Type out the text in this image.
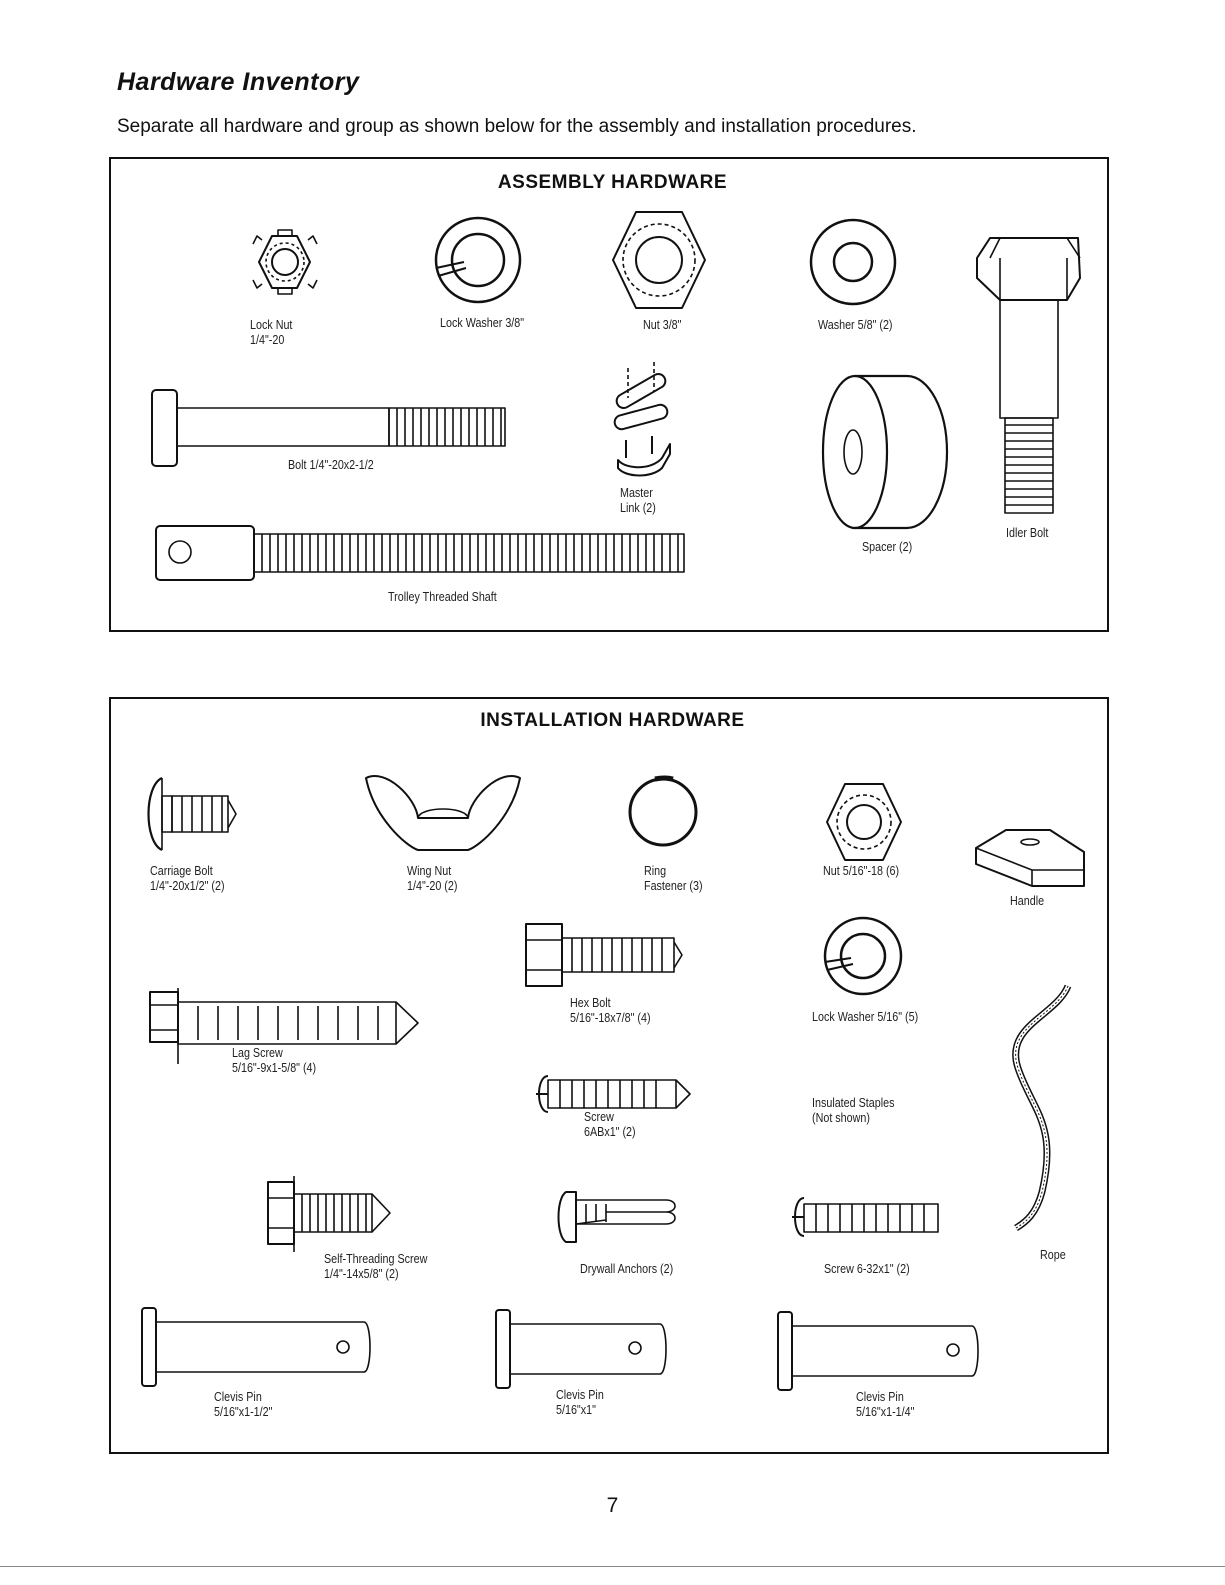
Hardware Inventory

Separate all hardware and group as shown below for the assembly and installation procedures.

ASSEMBLY HARDWARE
INSTALLATION HARDWARE
Lock Nut
1/4"-20
Lock Washer 3/8"	Nut 3/8"	Washer 5/8" (2)
Bolt 1/4"-20x2-1/2
Master
Link (2)
Spacer (2)
Idler Bolt
Trolley Threaded Shaft
Carriage Bolt
1/4"-20x1/2" (2)
Wing Nut
1/4"-20 (2)
Ring
Fastener (3)
Nut 5/16"-18 (6)
Handle
Hex Bolt
5/16"-18x7/8" (4)	Lock Washer 5/16" (5)
Lag Screw
5/16"-9x1-5/8" (4)
Screw
6ABx1" (2)
Insulated Staples
(Not shown)
Self-Threading Screw
1/4"-14x5/8" (2)	Drywall Anchors (2)	Screw 6-32x1" (2)
Rope
Clevis Pin
5/16"x1-1/2"
Clevis Pin
5/16"x1"
Clevis Pin
5/16"x1-1/4"
7
